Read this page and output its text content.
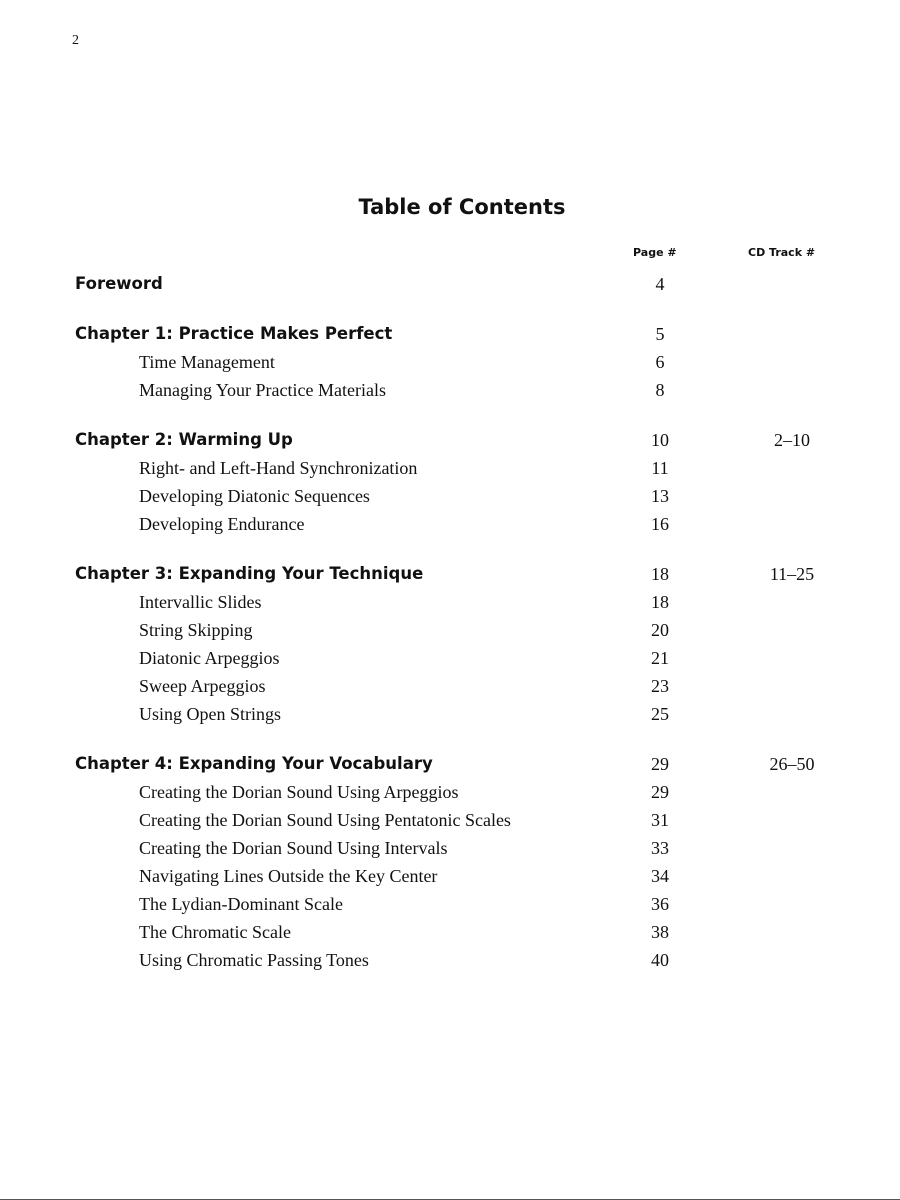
2
Table of Contents
Page #	CD Track #
Foreword	4
Chapter 1: Practice Makes Perfect	5
Time Management	6
Managing Your Practice Materials	8
Chapter 2: Warming Up	10	2–10
Right- and Left-Hand Synchronization	11
Developing Diatonic Sequences	13
Developing Endurance	16
Chapter 3: Expanding Your Technique	18	11–25
Intervallic Slides	18
String Skipping	20
Diatonic Arpeggios	21
Sweep Arpeggios	23
Using Open Strings	25
Chapter 4: Expanding Your Vocabulary	29	26–50
Creating the Dorian Sound Using Arpeggios	29
Creating the Dorian Sound Using Pentatonic Scales	31
Creating the Dorian Sound Using Intervals	33
Navigating Lines Outside the Key Center	34
The Lydian-Dominant Scale	36
The Chromatic Scale	38
Using Chromatic Passing Tones	40
